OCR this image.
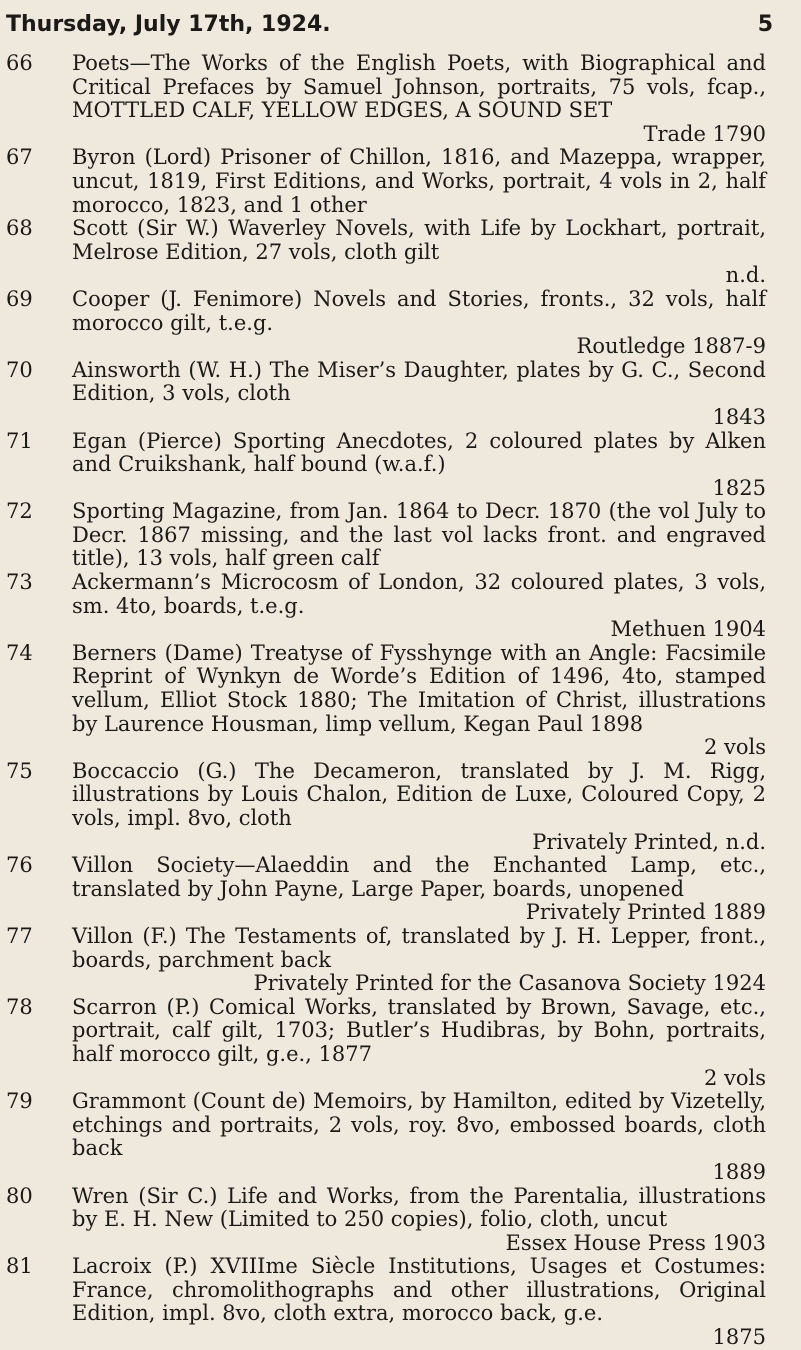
Thursday, July 17th, 1924.	5
66	Poets—The Works of the English Poets, with Biographical and Critical Prefaces by Samuel Johnson, portraits, 75 vols, fcap., MOTTLED CALF, YELLOW EDGES, A SOUND SET
Trade 1790
67	Byron (Lord) Prisoner of Chillon, 1816, and Mazeppa, wrapper, uncut, 1819, First Editions, and Works, portrait, 4 vols in 2, half morocco, 1823, and 1 other
68	Scott (Sir W.) Waverley Novels, with Life by Lockhart, portrait, Melrose Edition, 27 vols, cloth gilt
n.d.
69	Cooper (J. Fenimore) Novels and Stories, fronts., 32 vols, half morocco gilt, t.e.g.
Routledge 1887-9
70	Ainsworth (W. H.) The Miser’s Daughter, plates by G. C., Second Edition, 3 vols, cloth
1843
71	Egan (Pierce) Sporting Anecdotes, 2 coloured plates by Alken and Cruikshank, half bound (w.a.f.)
1825
72	Sporting Magazine, from Jan. 1864 to Decr. 1870 (the vol July to Decr. 1867 missing, and the last vol lacks front. and engraved title), 13 vols, half green calf
73	Ackermann’s Microcosm of London, 32 coloured plates, 3 vols, sm. 4to, boards, t.e.g.
Methuen 1904
74	Berners (Dame) Treatyse of Fysshynge with an Angle: Facsimile Reprint of Wynkyn de Worde’s Edition of 1496, 4to, stamped vellum, Elliot Stock 1880; The Imitation of Christ, illustrations by Laurence Housman, limp vellum, Kegan Paul 1898
2 vols
75	Boccaccio (G.) The Decameron, translated by J. M. Rigg, illustrations by Louis Chalon, Edition de Luxe, Coloured Copy, 2 vols, impl. 8vo, cloth
Privately Printed, n.d.
76	Villon Society—Alaeddin and the Enchanted Lamp, etc., translated by John Payne, Large Paper, boards, unopened
Privately Printed 1889
77	Villon (F.) The Testaments of, translated by J. H. Lepper, front., boards, parchment back
Privately Printed for the Casanova Society 1924
78	Scarron (P.) Comical Works, translated by Brown, Savage, etc., portrait, calf gilt, 1703; Butler’s Hudibras, by Bohn, portraits, half morocco gilt, g.e., 1877
2 vols
79	Grammont (Count de) Memoirs, by Hamilton, edited by Vizetelly, etchings and portraits, 2 vols, roy. 8vo, embossed boards, cloth back
1889
80	Wren (Sir C.) Life and Works, from the Parentalia, illustrations by E. H. New (Limited to 250 copies), folio, cloth, uncut
Essex House Press 1903
81	Lacroix (P.) XVIIIme Siècle Institutions, Usages et Costumes: France, chromolithographs and other illustrations, Original Edition, impl. 8vo, cloth extra, morocco back, g.e.
1875
